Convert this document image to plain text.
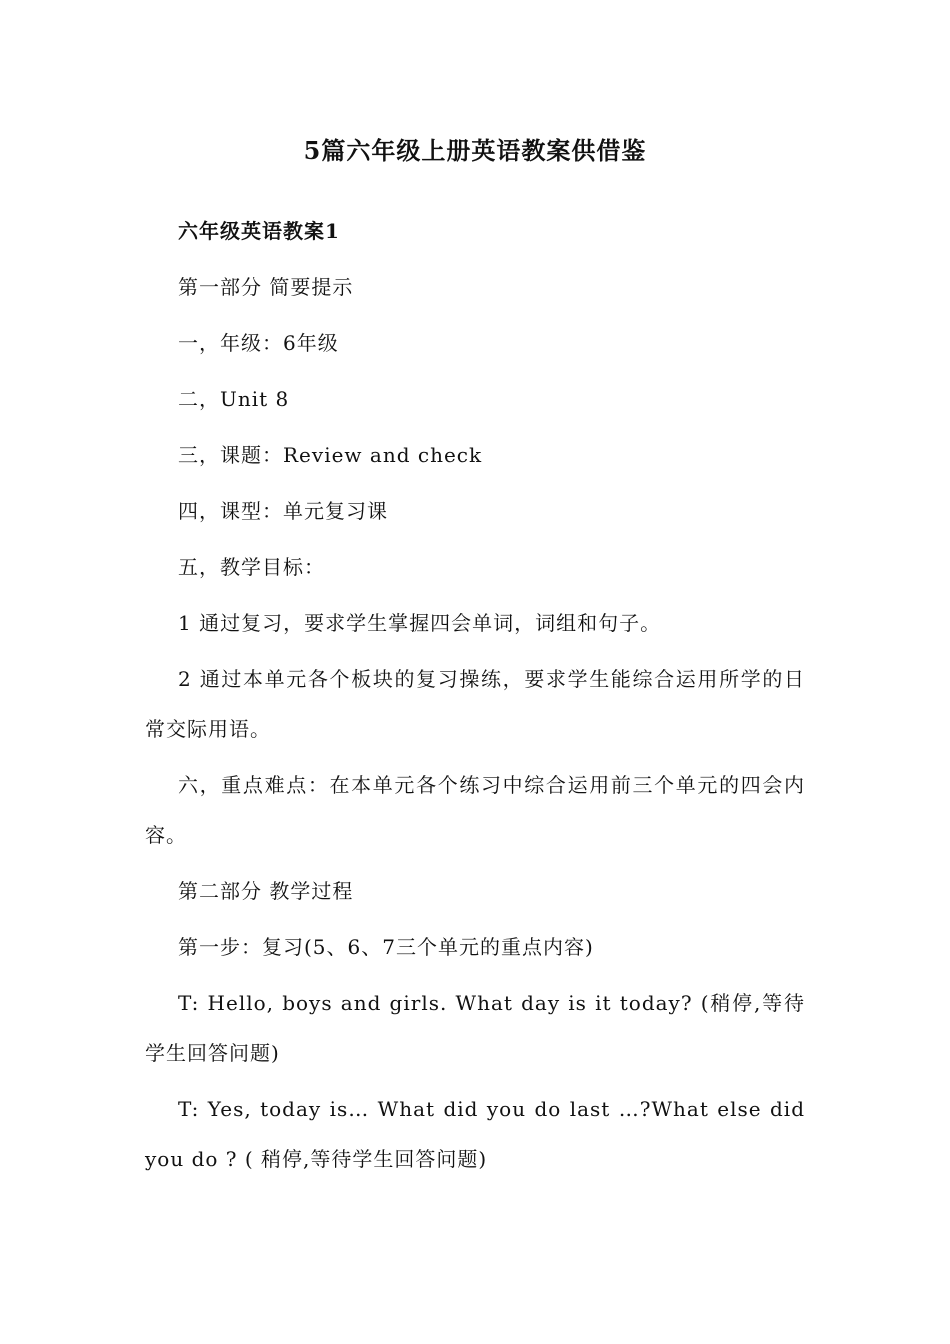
5篇六年级上册英语教案供借鉴

六年级英语教案1

第一部分 简要提示

一，年级：6年级

二，Unit 8

三，课题：Review and check

四，课型：单元复习课

五，教学目标：

1 通过复习，要求学生掌握四会单词，词组和句子。

2 通过本单元各个板块的复习操练，要求学生能综合运用所学的日常交际用语。

六，重点难点：在本单元各个练习中综合运用前三个单元的四会内容。

第二部分 教学过程

第一步：复习(5、6、7三个单元的重点内容)

T: Hello, boys and girls. What day is it today? (稍停,等待学生回答问题)

T: Yes, today is… What did you do last …?What else did you do ? ( 稍停,等待学生回答问题)
